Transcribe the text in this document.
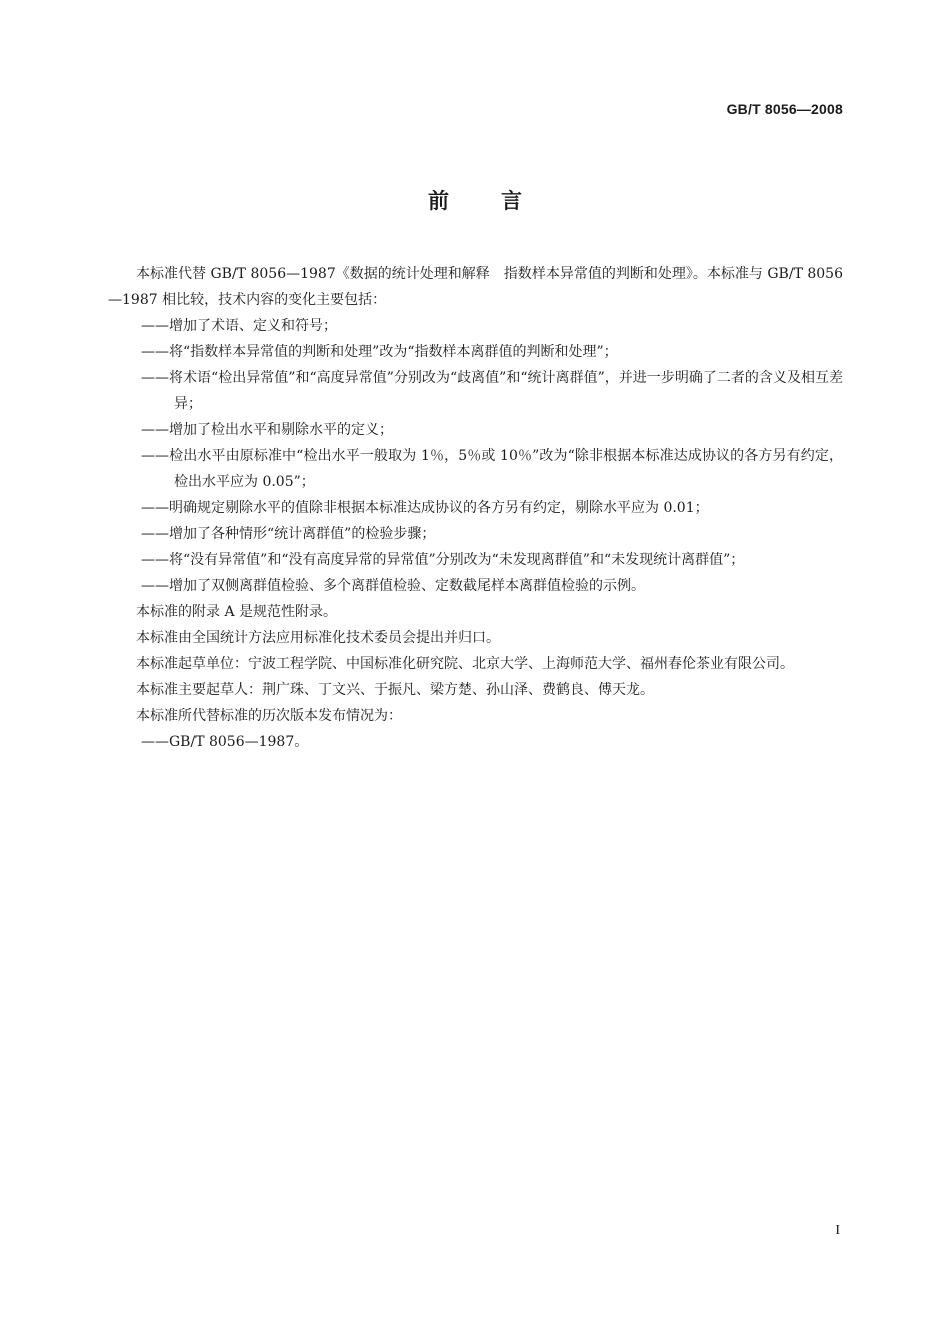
GB/T 8056—2008
前言

本标准代替 GB/T 8056—1987《数据的统计处理和解释　指数样本异常值的判断和处理》。本标准与 GB/T 8056—1987 相比较，技术内容的变化主要包括：

——增加了术语、定义和符号；

——将“指数样本异常值的判断和处理”改为“指数样本离群值的判断和处理”；

——将术语“检出异常值”和“高度异常值”分别改为“歧离值”和“统计离群值”，并进一步明确了二者的含义及相互差异；

——增加了检出水平和剔除水平的定义；

——检出水平由原标准中“检出水平一般取为 1％，5％或 10％”改为“除非根据本标准达成协议的各方另有约定，检出水平应为 0.05”；

——明确规定剔除水平的值除非根据本标准达成协议的各方另有约定，剔除水平应为 0.01；

——增加了各种情形“统计离群值”的检验步骤；

——将“没有异常值”和“没有高度异常的异常值”分别改为“未发现离群值”和“未发现统计离群值”；

——增加了双侧离群值检验、多个离群值检验、定数截尾样本离群值检验的示例。

本标准的附录 A 是规范性附录。

本标准由全国统计方法应用标准化技术委员会提出并归口。

本标准起草单位：宁波工程学院、中国标准化研究院、北京大学、上海师范大学、福州春伦茶业有限公司。

本标准主要起草人：荆广珠、丁文兴、于振凡、梁方楚、孙山泽、费鹤良、傅天龙。

本标准所代替标准的历次版本发布情况为：

——GB/T 8056—1987。

I
